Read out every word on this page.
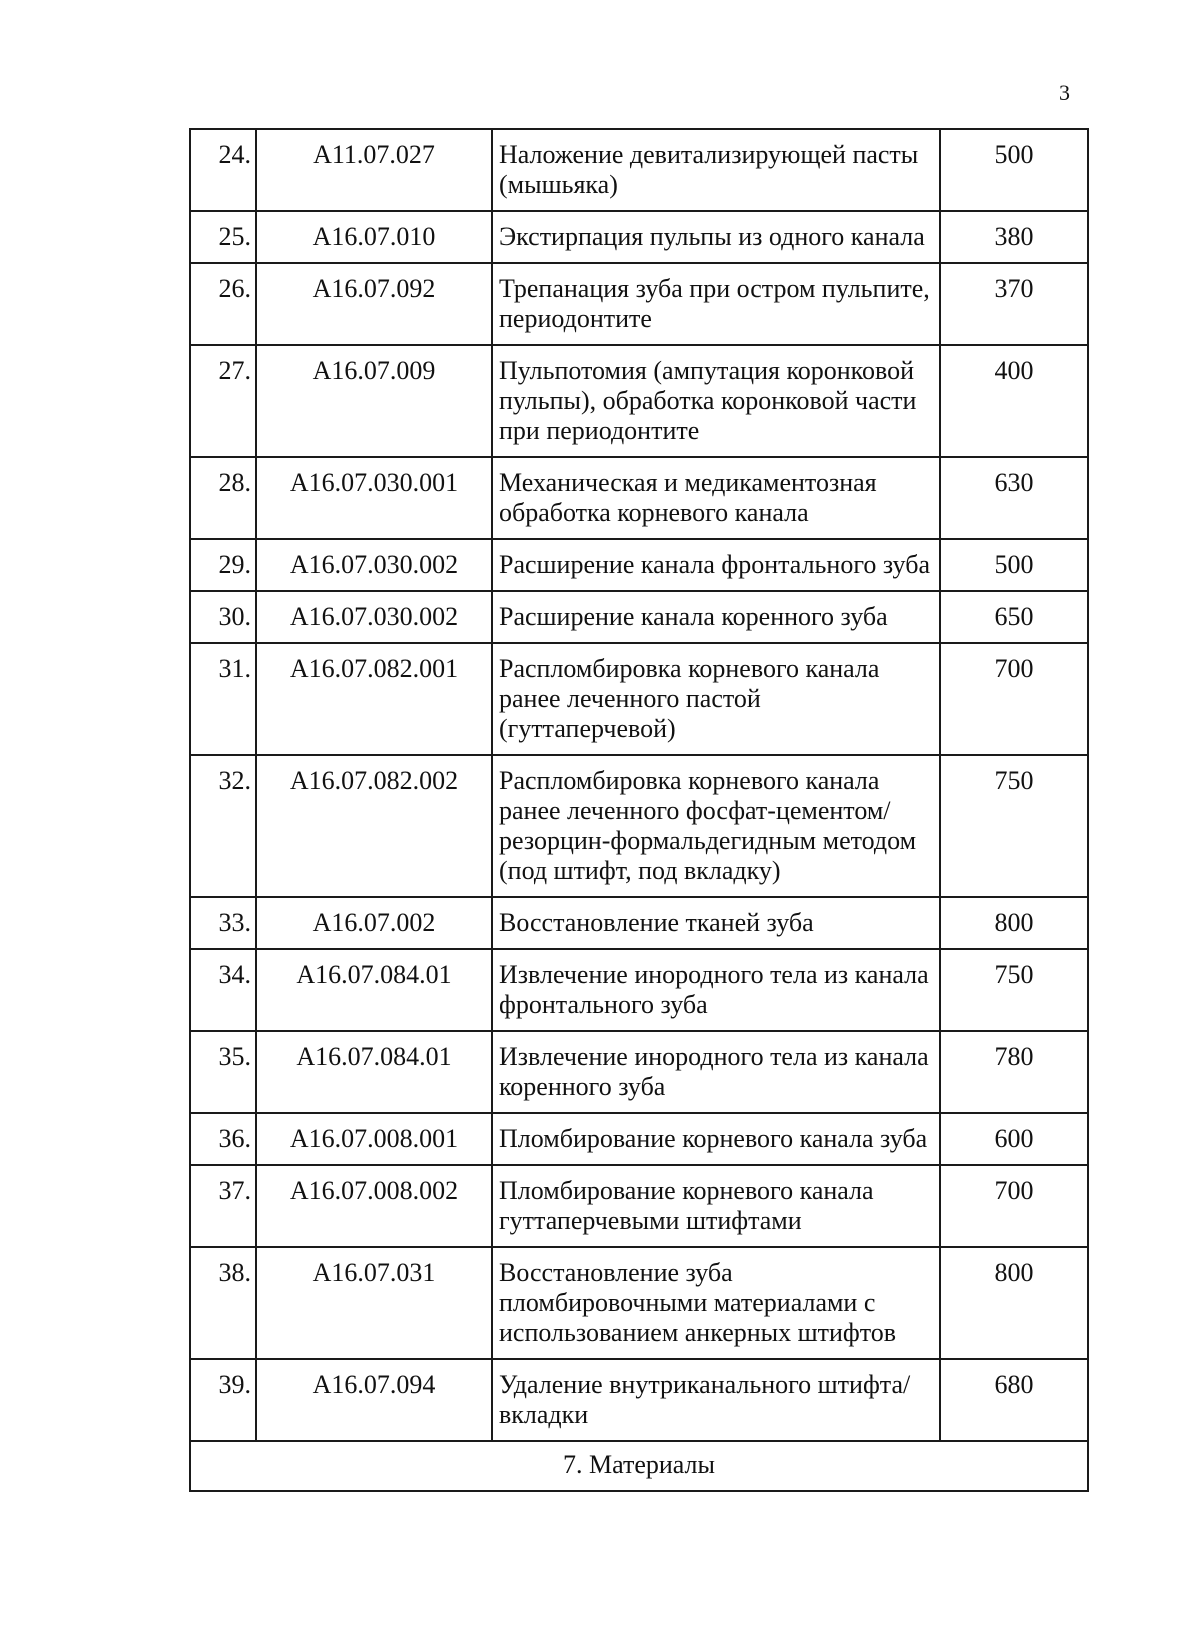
3
24.	А11.07.027	Наложение девитализирующей пасты (мышьяка)	500
25.	А16.07.010	Экстирпация пульпы из одного канала	380
26.	А16.07.092	Трепанация зуба при остром пульпите, периодонтите	370
27.	А16.07.009	Пульпотомия (ампутация коронковой пульпы), обработка коронковой части при периодонтите	400
28.	А16.07.030.001	Механическая и медикаментозная обработка корневого канала	630
29.	А16.07.030.002	Расширение канала фронтального зуба	500
30.	А16.07.030.002	Расширение канала коренного зуба	650
31.	А16.07.082.001	Распломбировка корневого канала ранее леченного пастой (гуттаперчевой)	700
32.	А16.07.082.002	Распломбировка корневого канала ранее леченного фосфат-цементом/ резорцин-формальдегидным методом (под штифт, под вкладку)	750
33.	А16.07.002	Восстановление тканей зуба	800
34.	А16.07.084.01	Извлечение инородного тела из канала фронтального зуба	750
35.	А16.07.084.01	Извлечение инородного тела из канала коренного зуба	780
36.	А16.07.008.001	Пломбирование корневого канала зуба	600
37.	А16.07.008.002	Пломбирование корневого канала гуттаперчевыми штифтами	700
38.	А16.07.031	Восстановление зуба пломбировочными материалами с использованием анкерных штифтов	800
39.	А16.07.094	Удаление внутриканального штифта/ вкладки	680
7. Материалы			
